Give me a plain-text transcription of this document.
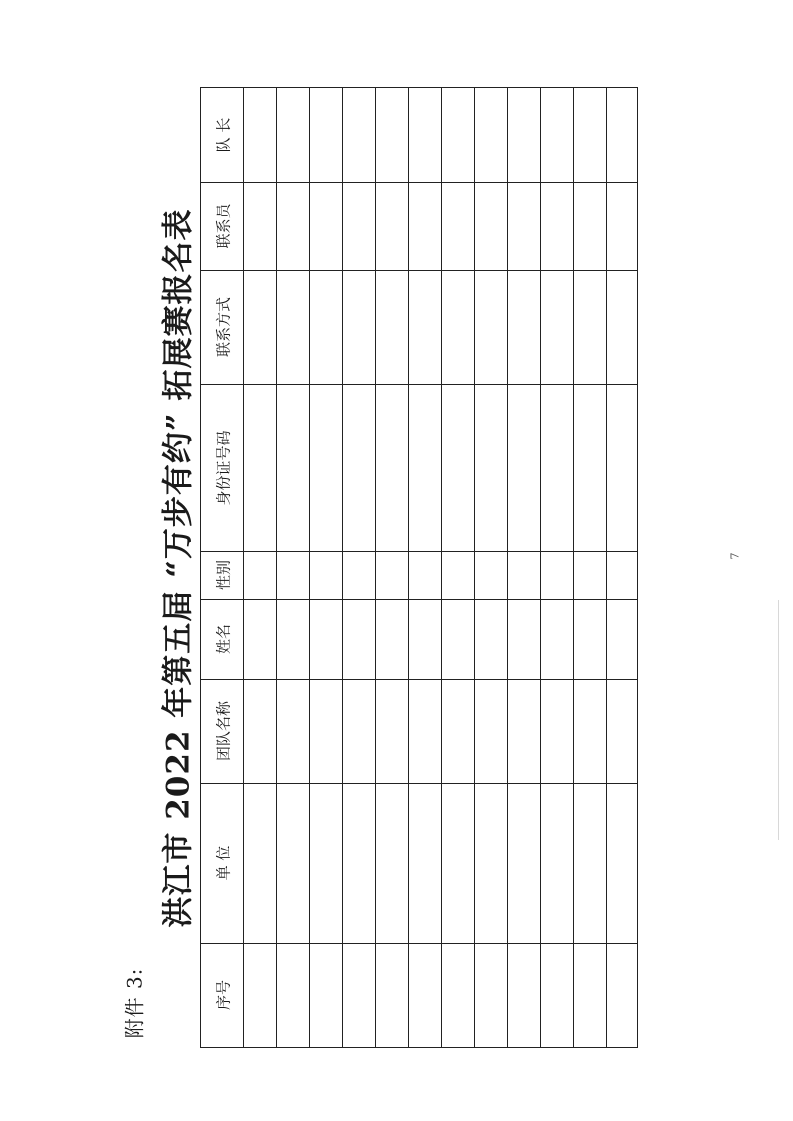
附件 3:
洪江市 2022 年第五届 “万步有约” 拓展赛报名表	7
序号
单 位
团队名称
姓名
性别
身份证号码
联系方式
联系员
队 长
